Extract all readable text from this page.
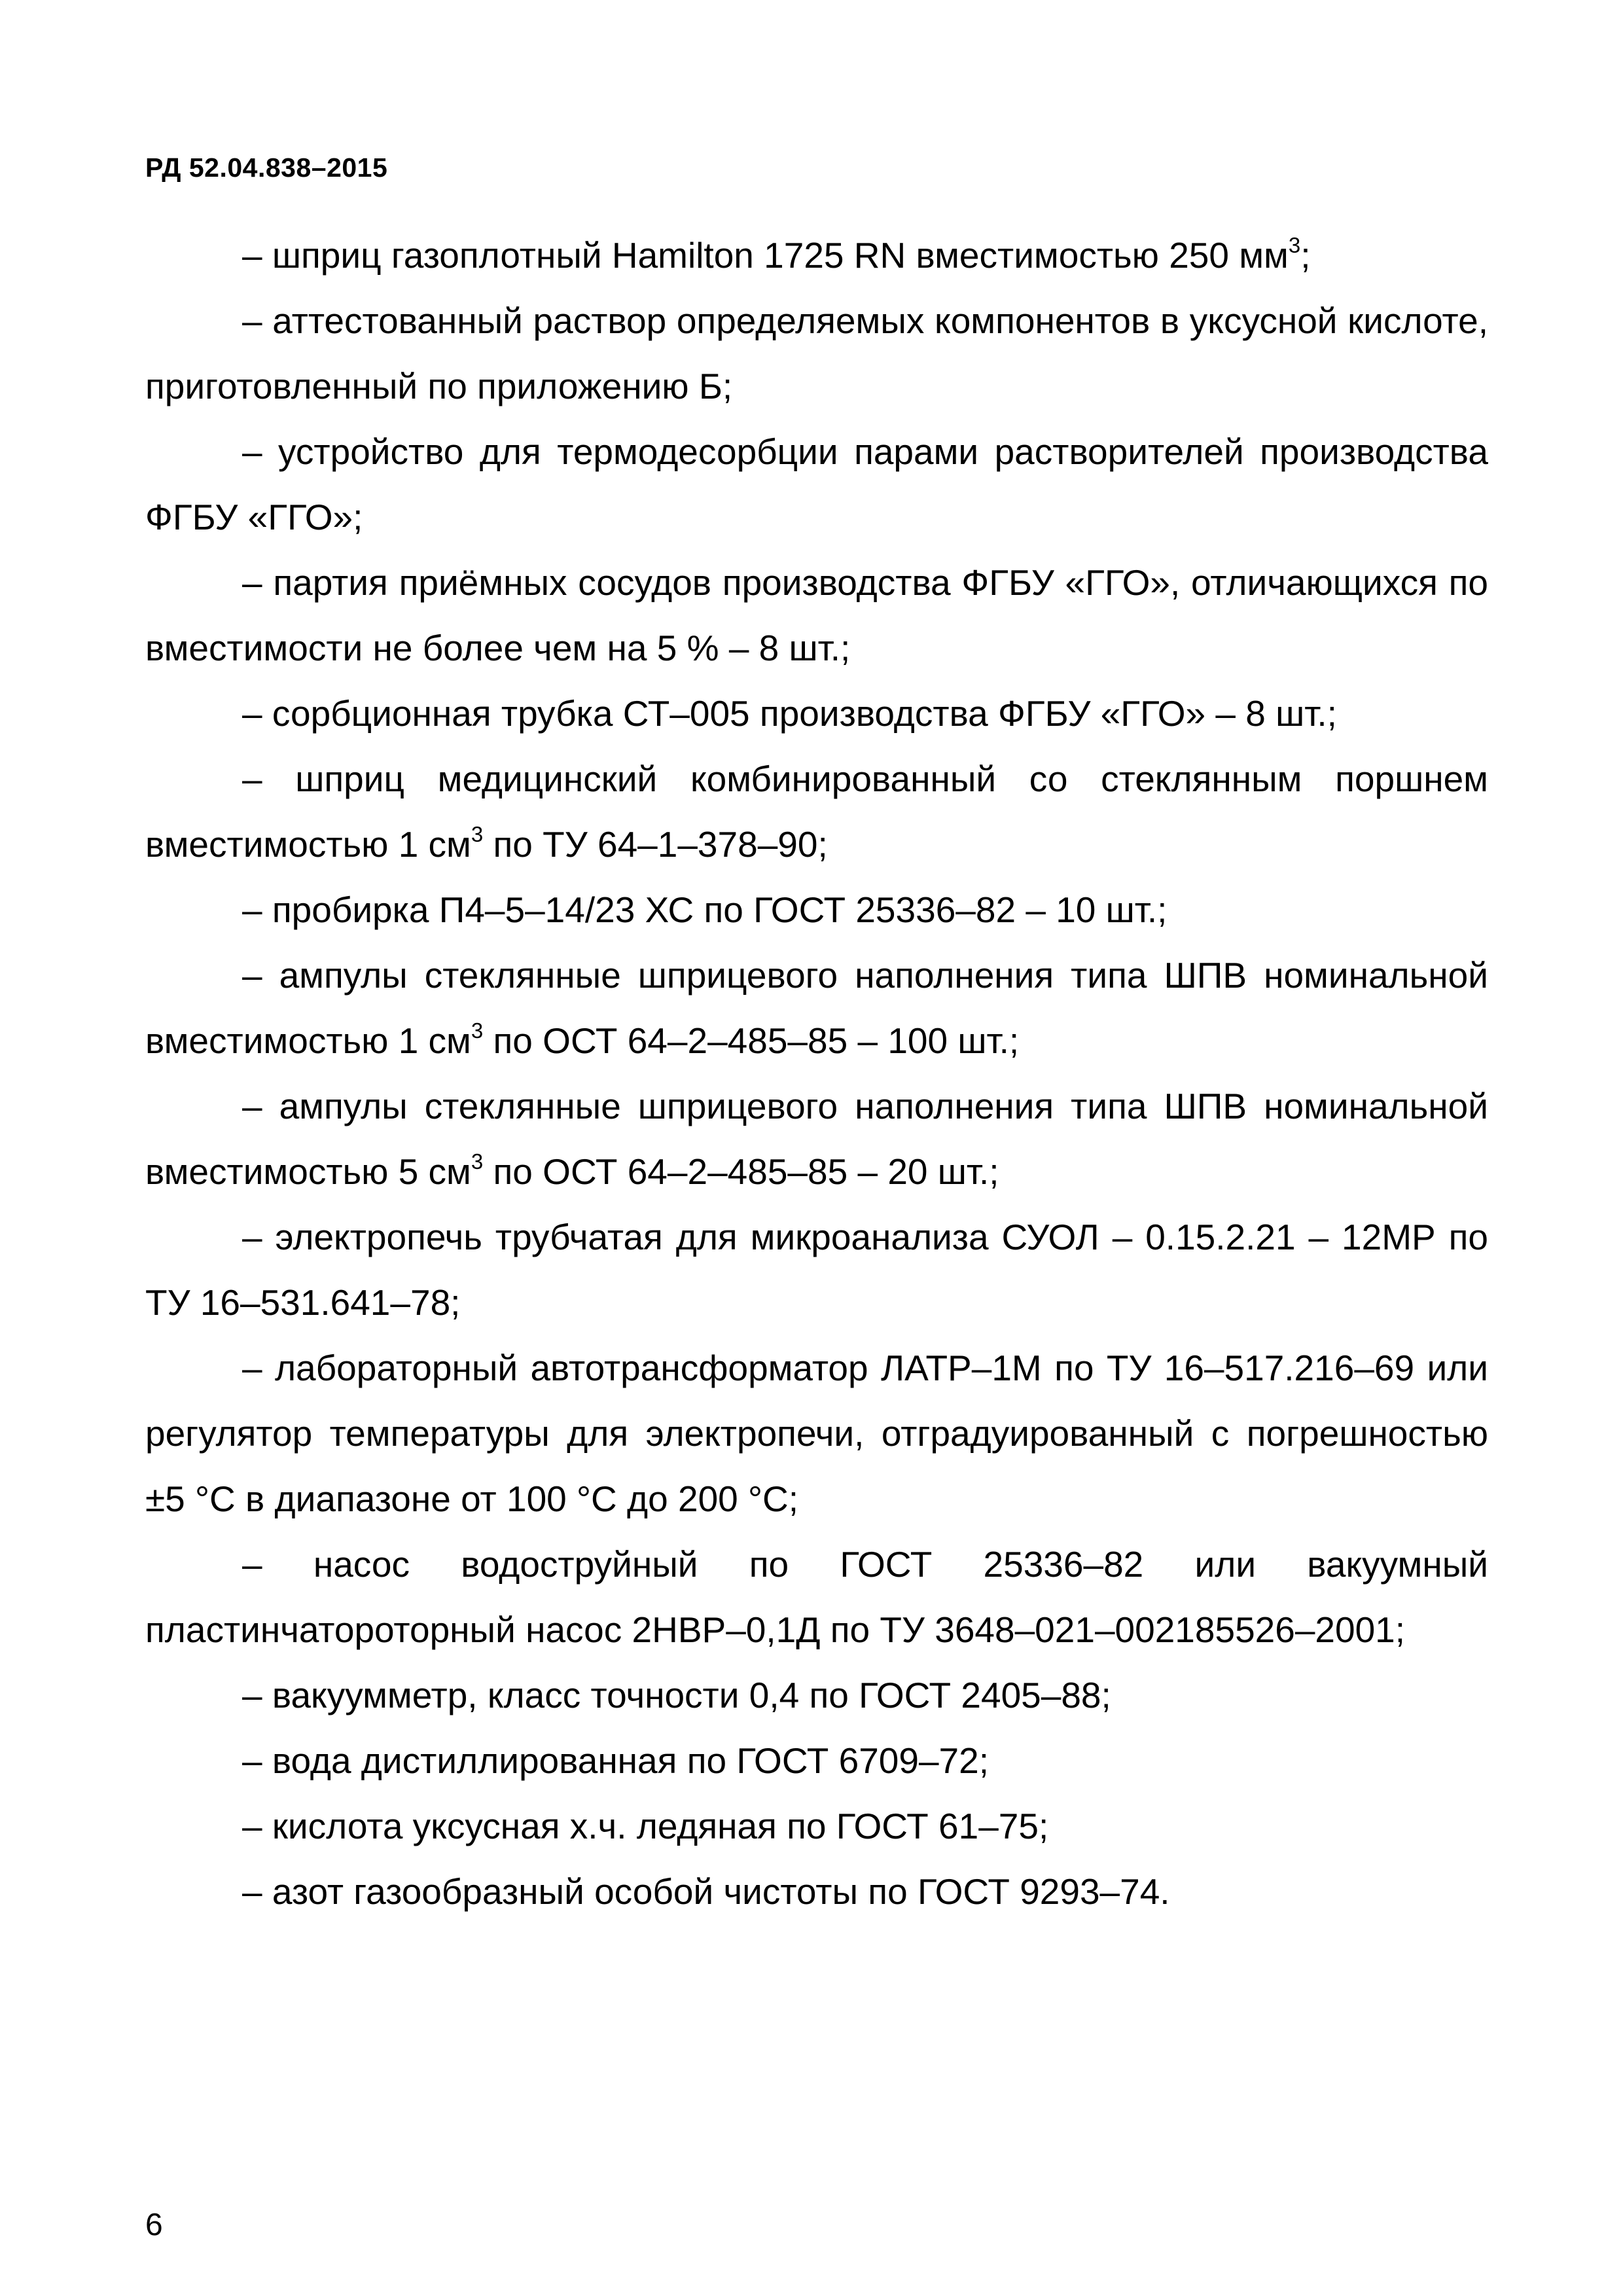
РД 52.04.838–2015

– шприц газоплотный Hamilton 1725 RN вместимостью 250 $мм^3$;

– аттестованный раствор определяемых компонентов в уксусной кислоте, приготовленный по приложению Б;

– устройство для термодесорбции парами растворителей производства ФГБУ «ГГО»;

– партия приёмных сосудов производства ФГБУ «ГГО», отличающихся по вместимости не более чем на 5 % – 8 шт.;

– сорбционная трубка СТ–005 производства ФГБУ «ГГО» – 8 шт.;

– шприц медицинский комбинированный со стеклянным поршнем вместимостью 1 $см^3$ по ТУ 64–1–378–90;

– пробирка П4–5–14/23 ХС по ГОСТ 25336–82 – 10 шт.;

– ампулы стеклянные шприцевого наполнения типа ШПВ номинальной вместимостью 1 $см^3$ по ОСТ 64–2–485–85 – 100 шт.;

– ампулы стеклянные шприцевого наполнения типа ШПВ номинальной вместимостью 5 $см^3$ по ОСТ 64–2–485–85 – 20 шт.;

– электропечь трубчатая для микроанализа СУОЛ – 0.15.2.21 – 12МР по ТУ 16–531.641–78;

– лабораторный автотрансформатор ЛАТР–1М по ТУ 16–517.216–69 или регулятор температуры для электропечи, отградуированный с погрешностью ±5 °С в диапазоне от 100 °С до 200 °С;

– насос водоструйный по ГОСТ 25336–82 или вакуумный пластинчатороторный насос 2НВР–0,1Д по ТУ 3648–021–002185526–2001;

– вакуумметр, класс точности 0,4 по ГОСТ 2405–88;

– вода дистиллированная по ГОСТ 6709–72;

– кислота уксусная х.ч. ледяная по ГОСТ 61–75;

– азот газообразный особой чистоты по ГОСТ 9293–74.

6
